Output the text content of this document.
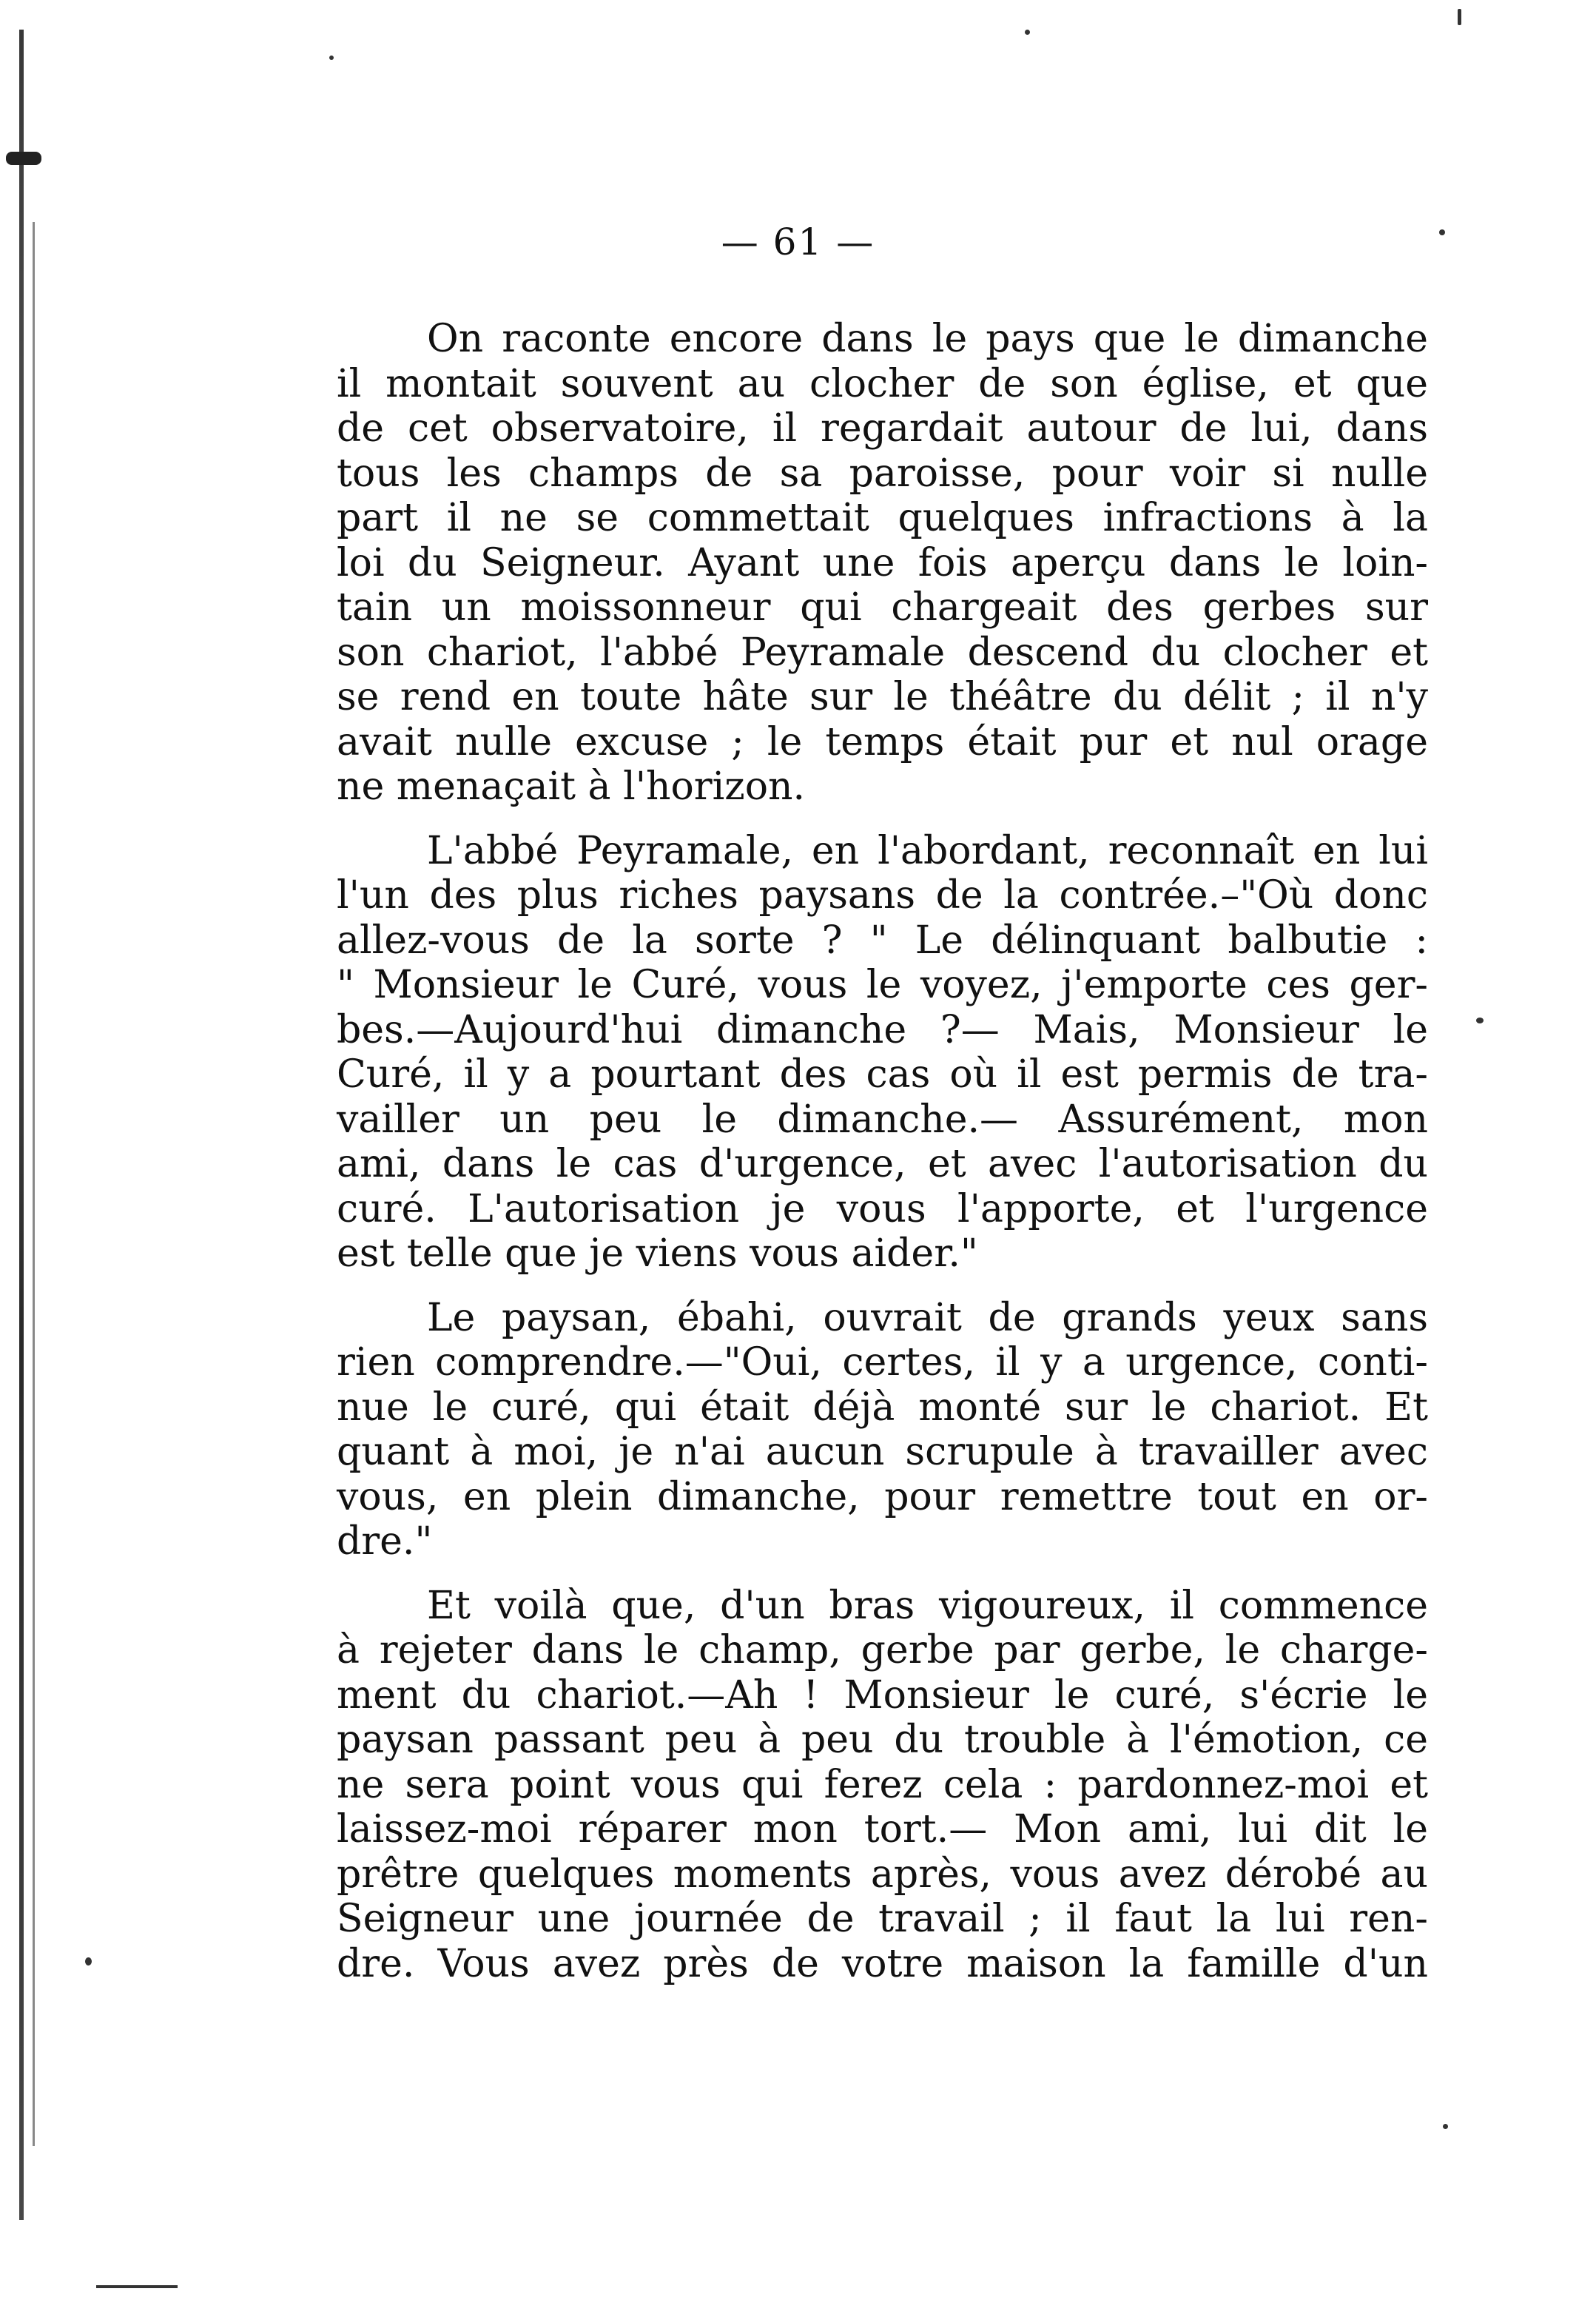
— 61 —

On raconte encore dans le pays que le dimanche
il montait souvent au clocher de son église, et que
de cet observatoire, il regardait autour de lui, dans
tous les champs de sa paroisse, pour voir si nulle
part il ne se commettait quelques infractions à la
loi du Seigneur. Ayant une fois aperçu dans le loin-
tain un moissonneur qui chargeait des gerbes sur
son chariot, l'abbé Peyramale descend du clocher et
se rend en toute hâte sur le théâtre du délit ; il n'y
avait nulle excuse ; le temps était pur et nul orage
ne menaçait à l'horizon.

L'abbé Peyramale, en l'abordant, reconnaît en lui
l'un des plus riches paysans de la contrée.–"Où donc
allez-vous de la sorte ? " Le délinquant balbutie :
" Monsieur le Curé, vous le voyez, j'emporte ces ger-
bes.—Aujourd'hui dimanche ?— Mais, Monsieur le
Curé, il y a pourtant des cas où il est permis de tra-
vailler un peu le dimanche.— Assurément, mon
ami, dans le cas d'urgence, et avec l'autorisation du
curé. L'autorisation je vous l'apporte, et l'urgence
est telle que je viens vous aider."

Le paysan, ébahi, ouvrait de grands yeux sans
rien comprendre.—"Oui, certes, il y a urgence, conti-
nue le curé, qui était déjà monté sur le chariot. Et
quant à moi, je n'ai aucun scrupule à travailler avec
vous, en plein dimanche, pour remettre tout en or-
dre."

Et voilà que, d'un bras vigoureux, il commence
à rejeter dans le champ, gerbe par gerbe, le charge-
ment du chariot.—Ah ! Monsieur le curé, s'écrie le
paysan passant peu à peu du trouble à l'émotion, ce
ne sera point vous qui ferez cela : pardonnez-moi et
laissez-moi réparer mon tort.— Mon ami, lui dit le
prêtre quelques moments après, vous avez dérobé au
Seigneur une journée de travail ; il faut la lui ren-
dre. Vous avez près de votre maison la famille d'un
